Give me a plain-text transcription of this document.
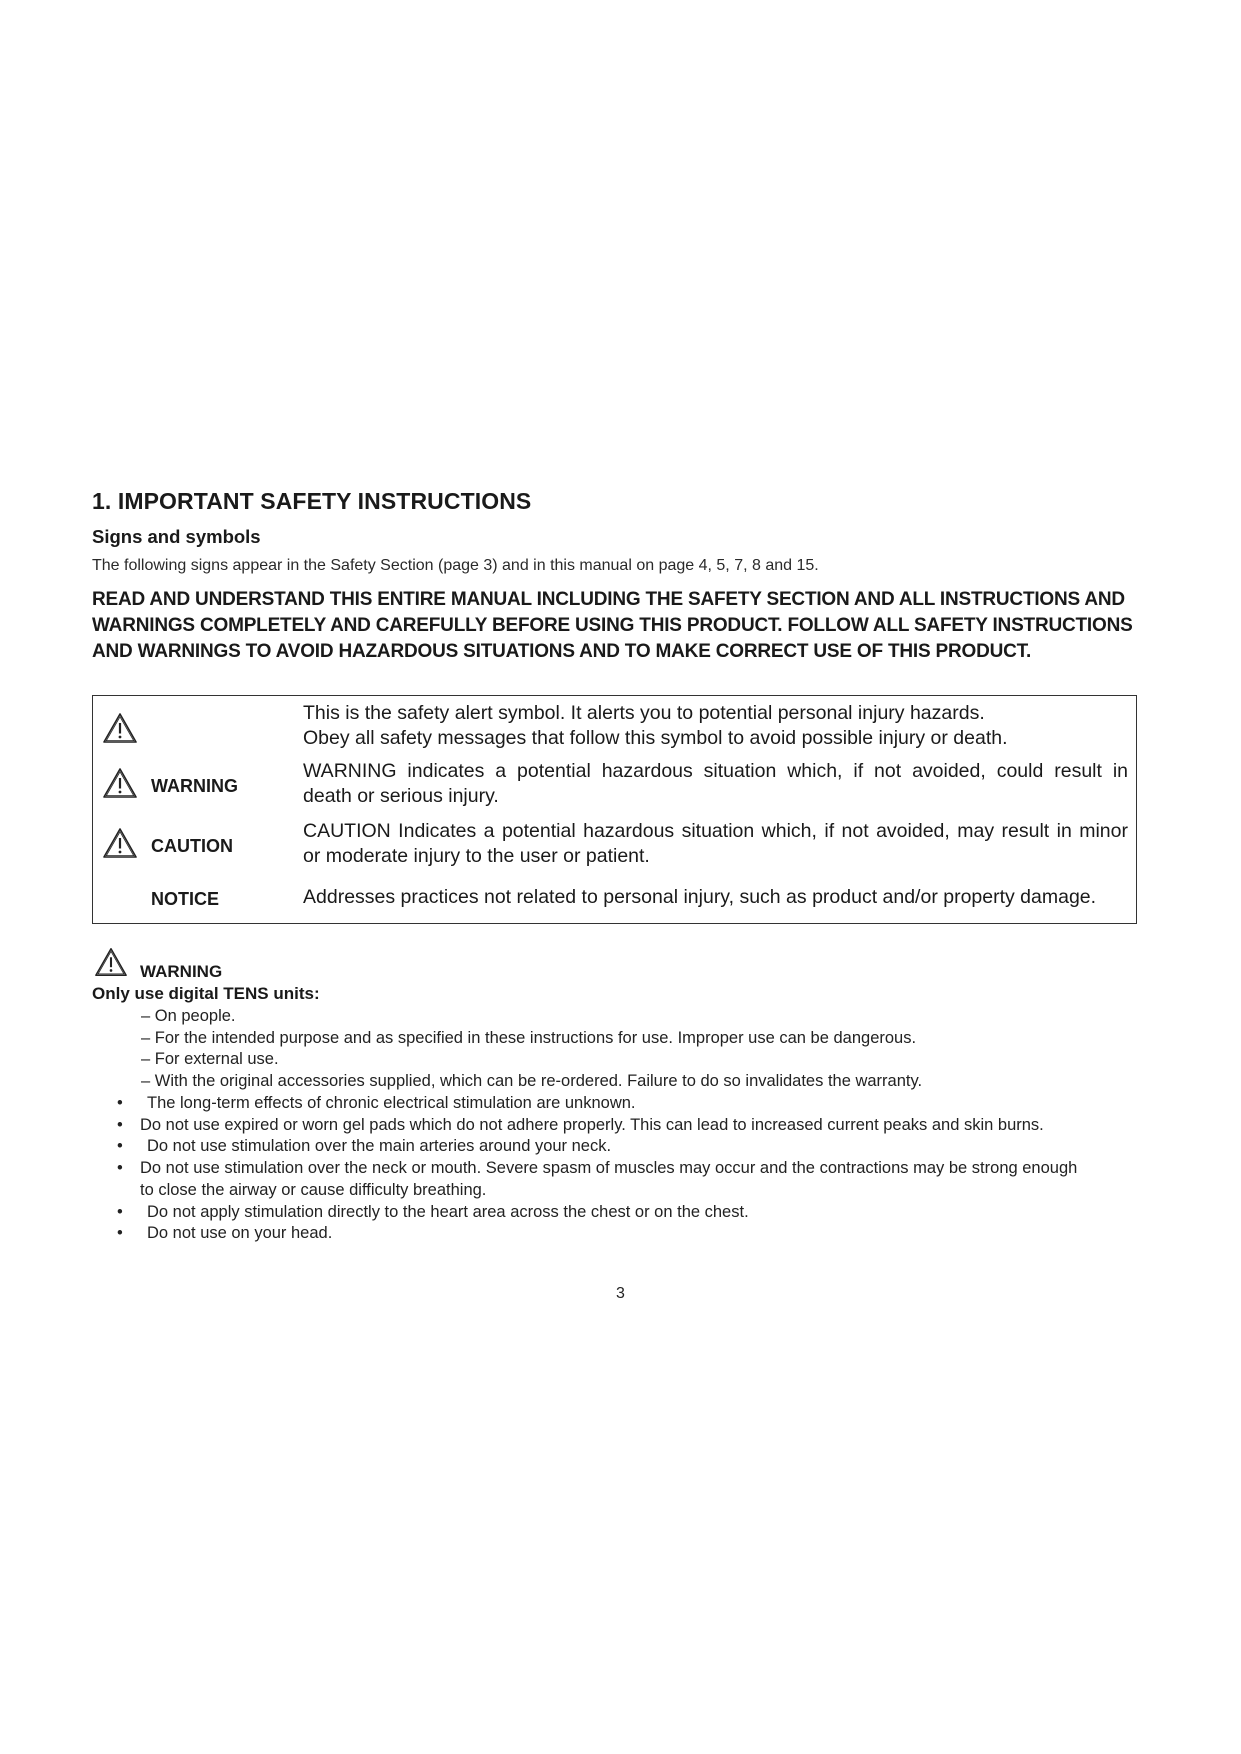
1. IMPORTANT SAFETY INSTRUCTIONS
Signs and symbols

The following signs appear in the Safety Section (page 3) and in this manual on page 4, 5, 7, 8 and 15.

READ AND UNDERSTAND THIS ENTIRE MANUAL INCLUDING THE SAFETY SECTION AND ALL INSTRUCTIONS AND
WARNINGS COMPLETELY AND CAREFULLY BEFORE USING THIS PRODUCT. FOLLOW ALL SAFETY INSTRUCTIONS
AND WARNINGS TO AVOID HAZARDOUS SITUATIONS AND TO MAKE CORRECT USE OF THIS PRODUCT.

This is the safety alert symbol. It alerts you to potential personal injury hazards.
Obey all safety messages that follow this symbol to avoid possible injury or death.
WARNING
WARNING indicates a potential hazardous situation which, if not avoided, could result in
death or serious injury.
CAUTION
CAUTION Indicates a potential hazardous situation which, if not avoided, may result in minor
or moderate injury to the user or patient.
NOTICE	Addresses practices not related to personal injury, such as product and/or property damage.
WARNING

Only use digital TENS units:

– On people.
– For the intended purpose and as specified in these instructions for use. Improper use can be dangerous.
– For external use.
– With the original accessories supplied, which can be re-ordered. Failure to do so invalidates the warranty.
• The long-term effects of chronic electrical stimulation are unknown.
• Do not use expired or worn gel pads which do not adhere properly. This can lead to increased current peaks and skin burns.
• Do not use stimulation over the main arteries around your neck.
• Do not use stimulation over the neck or mouth. Severe spasm of muscles may occur and the contractions may be strong enough
to close the airway or cause difficulty breathing.
• Do not apply stimulation directly to the heart area across the chest or on the chest.
• Do not use on your head.
3
